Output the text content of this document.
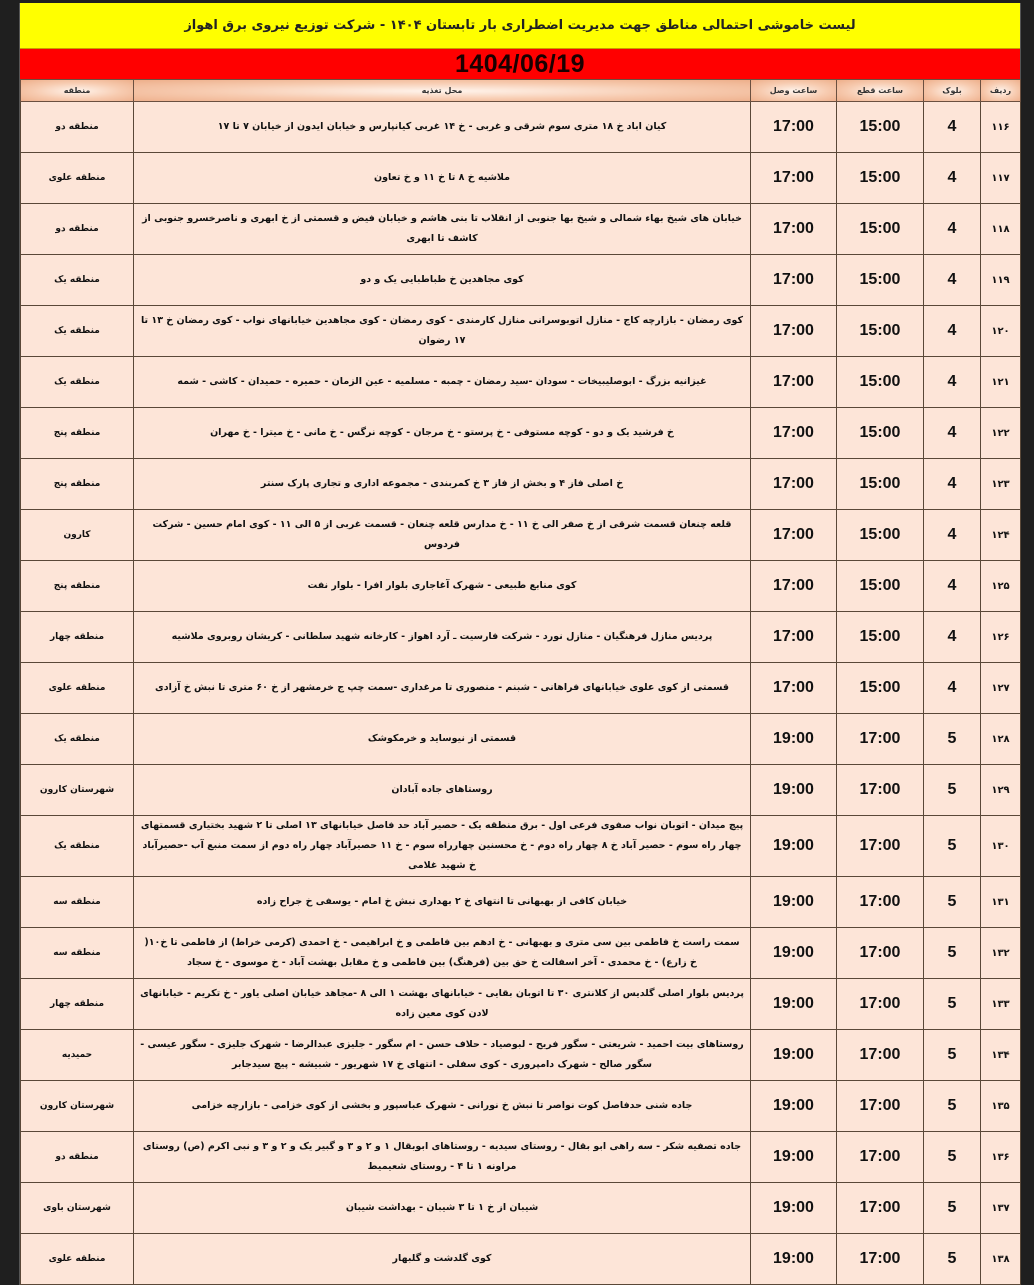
لیست خاموشی احتمالی مناطق جهت مدیریت اضطراری بار تابستان ۱۴۰۴ - شرکت توزیع نیروی برق اهواز
1404/06/19
ردیف	بلوک	ساعت قطع	ساعت وصل	محل تغذیه	منطقه
۱۱۶	4	15:00	17:00	کیان اباد خ ۱۸ متری سوم شرقی و غربی - خ ۱۴ غربی کیانپارس و خیابان ایدون از خیابان ۷ تا ۱۷	منطقه دو
۱۱۷	4	15:00	17:00	ملاشیه خ ۸ تا خ ۱۱ و خ تعاون	منطقه علوی
۱۱۸	4	15:00	17:00	خیابان های شیخ بهاء شمالی و شیخ بها جنوبی از انقلاب تا بنی هاشم و خیابان فیض و قسمتی از خ ابهری و ناصرخسرو جنوبی از کاشف تا ابهری	منطقه دو
۱۱۹	4	15:00	17:00	کوی مجاهدین خ طباطبایی یک و دو	منطقه یک
۱۲۰	4	15:00	17:00	کوی رمضان - بازارچه کاج - منازل اتوبوسرانی منازل کارمندی - کوی رمضان - کوی مجاهدین خیابانهای نواب - کوی رمضان خ ۱۳ تا ۱۷ رضوان	منطقه یک
۱۲۱	4	15:00	17:00	غیزانیه بزرگ - ابوصلیبیخات - سودان -سید رمضان - چمبه - مسلمیه - عین الزمان - حمیره - حمیدان - کاشی - شمه	منطقه یک
۱۲۲	4	15:00	17:00	خ فرشید یک و دو - کوچه مستوفی - خ پرستو - خ مرجان - کوچه نرگس - خ مانی - خ میترا - خ مهران	منطقه پنج
۱۲۳	4	15:00	17:00	خ اصلی فاز ۴ و بخش از فاز ۳ خ کمربندی - مجموعه اداری و تجاری پارک سنتر	منطقه پنج
۱۲۴	4	15:00	17:00	قلعه چنعان قسمت شرقی از خ صفر الی خ ۱۱ - خ مدارس قلعه چنعان - قسمت غربی از ۵ الی ۱۱ - کوی امام حسین - شرکت فردوس	کارون
۱۲۵	4	15:00	17:00	کوی منابع طبیعی - شهرک آغاجاری بلوار افرا - بلوار نفت	منطقه پنج
۱۲۶	4	15:00	17:00	پردیس منازل فرهنگیان - منازل نورد - شرکت فارسیت ـ آرد اهواز - کارخانه شهید سلطانی - کریشان روبروی ملاشیه	منطقه چهار
۱۲۷	4	15:00	17:00	قسمتی از کوی علوی خیابانهای فراهانی - شبنم - منصوری تا مرغداری -سمت چپ ج خرمشهر از خ ۶۰ متری تا نبش خ آزادی	منطقه علوی
۱۲۸	5	17:00	19:00	قسمتی از نیوساید و خرمکوشک	منطقه یک
۱۲۹	5	17:00	19:00	روستاهای جاده آبادان	شهرستان کارون
۱۳۰	5	17:00	19:00	پیچ میدان - اتوبان نواب صفوی فرعی اول - برق منطقه یک - حصیر آباد حد فاصل خیابانهای ۱۳ اصلی تا ۲ شهید بختیاری قسمتهای چهار راه سوم - حصیر آباد خ ۸ چهار راه دوم - خ محسنین چهارراه سوم - خ ۱۱ حصیرآباد چهار راه دوم از سمت منبع آب -حصیرآباد خ شهید غلامی	منطقه یک
۱۳۱	5	17:00	19:00	خیابان کافی از بهبهانی تا انتهای خ ۲ بهداری نبش خ امام - یوسفی خ جراح زاده	منطقه سه
۱۳۲	5	17:00	19:00	سمت راست خ فاطمی بین سی متری و بهبهانی - خ ادهم بین فاطمی و خ ابراهیمی - خ احمدی (کرمی خراط) از فاطمی تا خ۱۰( خ زارع) - خ محمدی - آخر اسفالت خ حق بین (فرهنگ) بین فاطمی و خ مقابل بهشت آباد - خ موسوی - خ سجاد	منطقه سه
۱۳۳	5	17:00	19:00	پردیس بلوار اصلی گلدیس از کلانتری ۳۰ تا اتوبان بقایی - خیابانهای بهشت ۱ الی ۸ -مجاهد خیابان اصلی یاور - خ تکریم - خیابانهای لادن کوی معین زاده	منطقه چهار
۱۳۴	5	17:00	19:00	روستاهای بیت احمید - شریعتی - سگور فریح - لبوصیاد - حلاف حسن - ام سگور - جلیزی عبدالرضا - شهرک جلیزی - سگور عیسی - سگور صالح - شهرک دامپروری - کوی سفلی - انتهای خ ۱۷ شهریور - شبیشه - پیچ سیدجابر	حمیدیه
۱۳۵	5	17:00	19:00	جاده شنی حدفاصل کوت نواصر تا نبش خ نورانی - شهرک عباسپور و بخشی از کوی خزامی - بازارچه خزامی	شهرستان کارون
۱۳۶	5	17:00	19:00	جاده تصفیه شکر - سه راهی ابو بقال - روستای سیدیه - روستاهای ابوبقال ۱ و ۲ و ۳ و گبیر یک و ۲ و ۳ و نبی اکرم (ص) روستای مراونه ۱ تا ۴ - روستای شعیمیط	منطقه دو
۱۳۷	5	17:00	19:00	شیبان از خ ۱ تا ۳ شیبان - بهداشت شیبان	شهرستان باوی
۱۳۸	5	17:00	19:00	کوی گلدشت و گلبهار	منطقه علوی
